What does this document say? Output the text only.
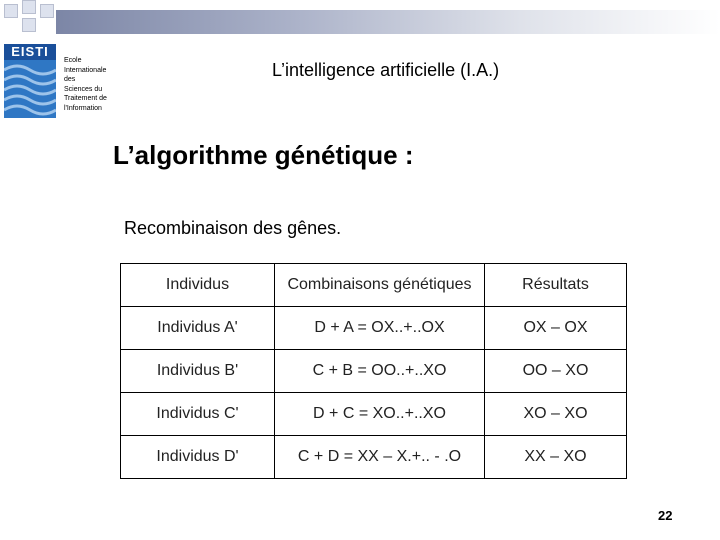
EISTI
Ecole
Internationale
des
Sciences du
Traitement de
l'Information
L’intelligence artificielle (I.A.)
L’algorithme génétique :
Recombinaison des gênes.
Individus	Combinaisons génétiques	Résultats
Individus A'	D + A = OX..+..OX	OX – OX
Individus B'	C + B = OO..+..XO	OO – XO
Individus C'	D + C = XO..+..XO	XO – XO
Individus D'	C + D = XX – X.+.. - .O	XX – XO
22
